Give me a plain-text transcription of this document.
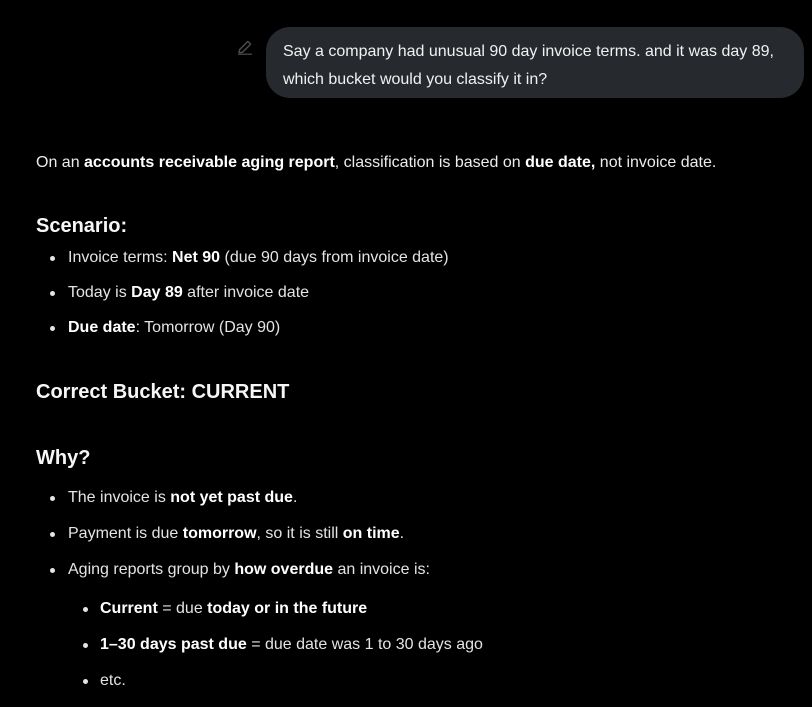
Say a company had unusual 90 day invoice terms. and it was day 89,
which bucket would you classify it in?

On an accounts receivable aging report, classification is based on due date, not invoice date.

Scenario:
Invoice terms: Net 90 (due 90 days from invoice date)
Today is Day 89 after invoice date
Due date: Tomorrow (Day 90)
Correct Bucket: CURRENT
Why?
The invoice is not yet past due.
Payment is due tomorrow, so it is still on time.
Aging reports group by how overdue an invoice is:
Current = due today or in the future
1–30 days past due = due date was 1 to 30 days ago
etc.
